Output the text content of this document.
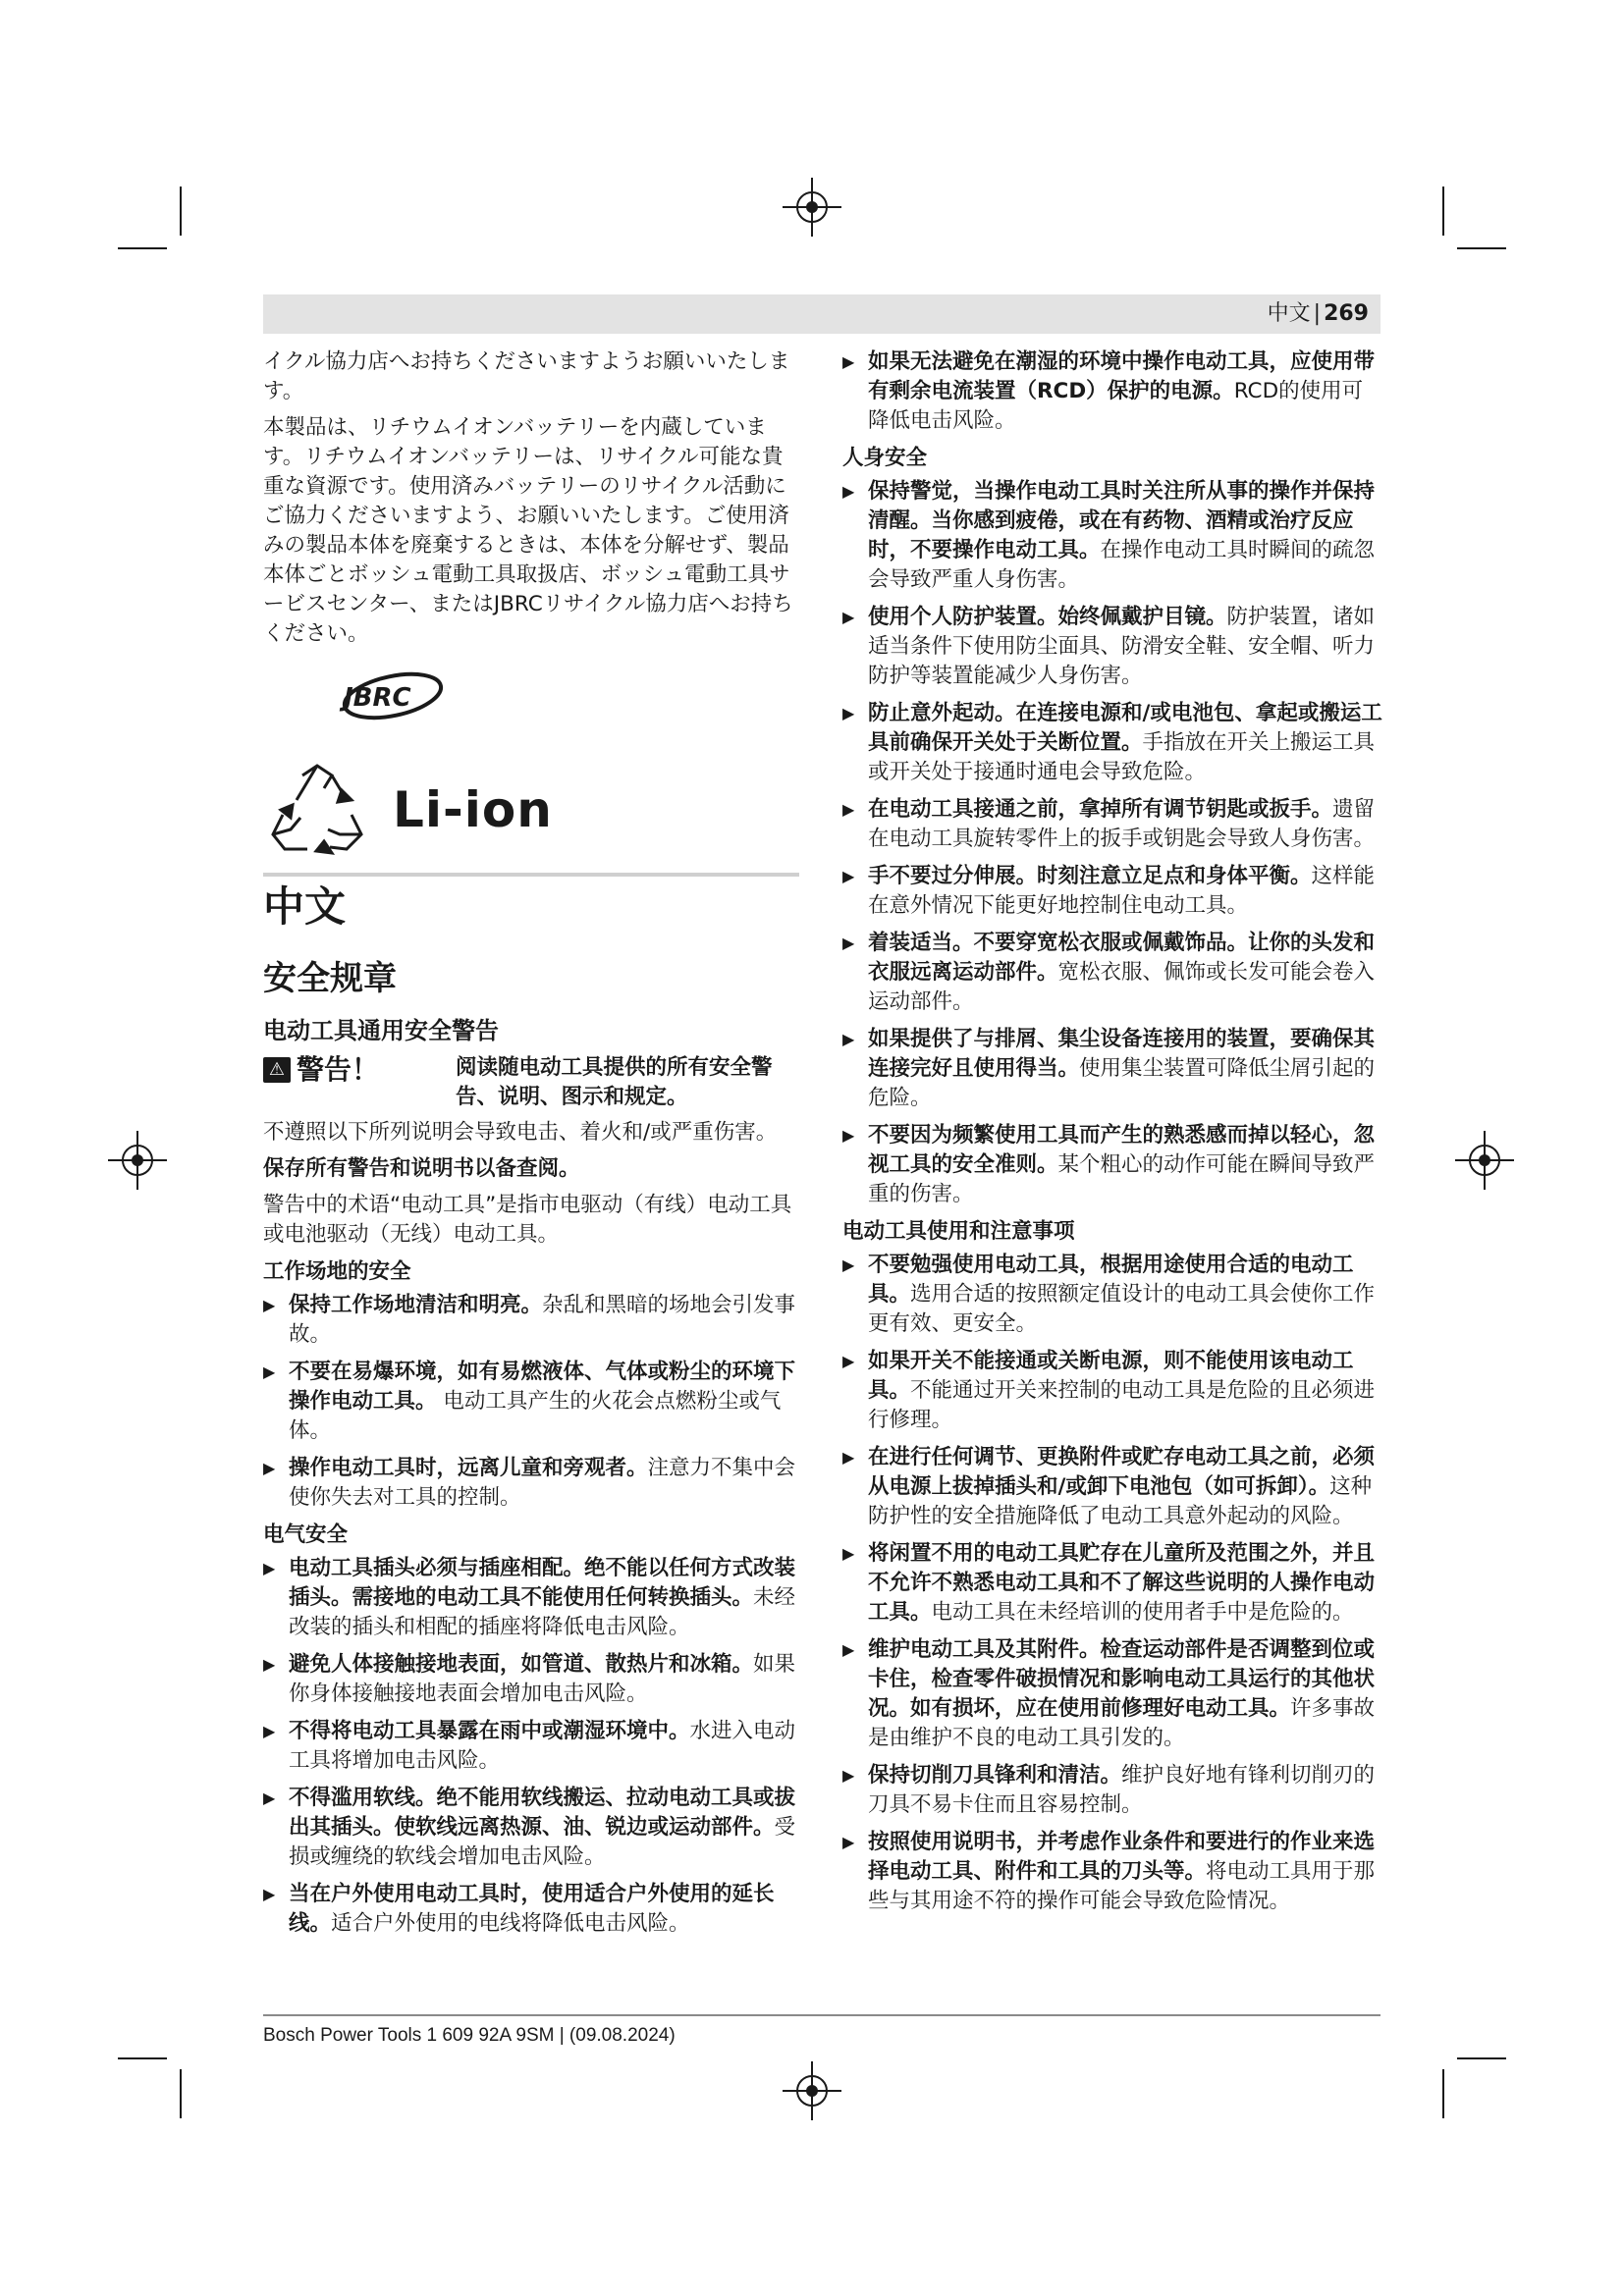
中文 | 269

イクル協力店へお持ちくださいますようお願いいたします。

本製品は、リチウムイオンバッテリーを内蔵しています。リチウムイオンバッテリーは、リサイクル可能な貴重な資源です。使用済みバッテリーのリサイクル活動にご協力くださいますよう、お願いいたします。ご使用済みの製品本体を廃棄するときは、本体を分解せず、製品本体ごとボッシュ電動工具取扱店、ボッシュ電動工具サービスセンター、またはJBRCリサイクル協力店へお持ちください。

JBRC
Li-ion
中文
安全规章
电动工具通用安全警告
⚠ 警告！	阅读随电动工具提供的所有安全警告、说明、图示和规定。

不遵照以下所列说明会导致电击、着火和/或严重伤害。

保存所有警告和说明书以备查阅。

警告中的术语“电动工具”是指市电驱动（有线）电动工具或电池驱动（无线）电动工具。

工作场地的安全
▶ 保持工作场地清洁和明亮。杂乱和黑暗的场地会引发事故。
▶ 不要在易爆环境，如有易燃液体、气体或粉尘的环境下操作电动工具。 电动工具产生的火花会点燃粉尘或气体。
▶ 操作电动工具时，远离儿童和旁观者。注意力不集中会使你失去对工具的控制。
电气安全
▶ 电动工具插头必须与插座相配。绝不能以任何方式改装插头。需接地的电动工具不能使用任何转换插头。未经改装的插头和相配的插座将降低电击风险。
▶ 避免人体接触接地表面，如管道、散热片和冰箱。如果你身体接触接地表面会增加电击风险。
▶ 不得将电动工具暴露在雨中或潮湿环境中。水进入电动工具将增加电击风险。
▶ 不得滥用软线。绝不能用软线搬运、拉动电动工具或拔出其插头。使软线远离热源、油、锐边或运动部件。受损或缠绕的软线会增加电击风险。
▶ 当在户外使用电动工具时，使用适合户外使用的延长线。适合户外使用的电线将降低电击风险。
▶ 如果无法避免在潮湿的环境中操作电动工具，应使用带有剩余电流装置（RCD）保护的电源。RCD的使用可降低电击风险。
人身安全
▶ 保持警觉，当操作电动工具时关注所从事的操作并保持清醒。当你感到疲倦，或在有药物、酒精或治疗反应时，不要操作电动工具。在操作电动工具时瞬间的疏忽会导致严重人身伤害。
▶ 使用个人防护装置。始终佩戴护目镜。防护装置，诸如适当条件下使用防尘面具、防滑安全鞋、安全帽、听力防护等装置能减少人身伤害。
▶ 防止意外起动。在连接电源和/或电池包、拿起或搬运工具前确保开关处于关断位置。手指放在开关上搬运工具或开关处于接通时通电会导致危险。
▶ 在电动工具接通之前，拿掉所有调节钥匙或扳手。遗留在电动工具旋转零件上的扳手或钥匙会导致人身伤害。
▶ 手不要过分伸展。时刻注意立足点和身体平衡。这样能在意外情况下能更好地控制住电动工具。
▶ 着装适当。不要穿宽松衣服或佩戴饰品。让你的头发和衣服远离运动部件。宽松衣服、佩饰或长发可能会卷入运动部件。
▶ 如果提供了与排屑、集尘设备连接用的装置，要确保其连接完好且使用得当。使用集尘装置可降低尘屑引起的危险。
▶ 不要因为频繁使用工具而产生的熟悉感而掉以轻心，忽视工具的安全准则。某个粗心的动作可能在瞬间导致严重的伤害。
电动工具使用和注意事项
▶ 不要勉强使用电动工具，根据用途使用合适的电动工具。选用合适的按照额定值设计的电动工具会使你工作更有效、更安全。
▶ 如果开关不能接通或关断电源，则不能使用该电动工具。不能通过开关来控制的电动工具是危险的且必须进行修理。
▶ 在进行任何调节、更换附件或贮存电动工具之前，必须从电源上拔掉插头和/或卸下电池包（如可拆卸）。这种防护性的安全措施降低了电动工具意外起动的风险。
▶ 将闲置不用的电动工具贮存在儿童所及范围之外，并且不允许不熟悉电动工具和不了解这些说明的人操作电动工具。电动工具在未经培训的使用者手中是危险的。
▶ 维护电动工具及其附件。检查运动部件是否调整到位或卡住，检查零件破损情况和影响电动工具运行的其他状况。如有损坏，应在使用前修理好电动工具。许多事故是由维护不良的电动工具引发的。
▶ 保持切削刀具锋利和清洁。维护良好地有锋利切削刃的刀具不易卡住而且容易控制。
▶ 按照使用说明书，并考虑作业条件和要进行的作业来选择电动工具、附件和工具的刀头等。将电动工具用于那些与其用途不符的操作可能会导致危险情况。
Bosch Power Tools 1 609 92A 9SM | (09.08.2024)
